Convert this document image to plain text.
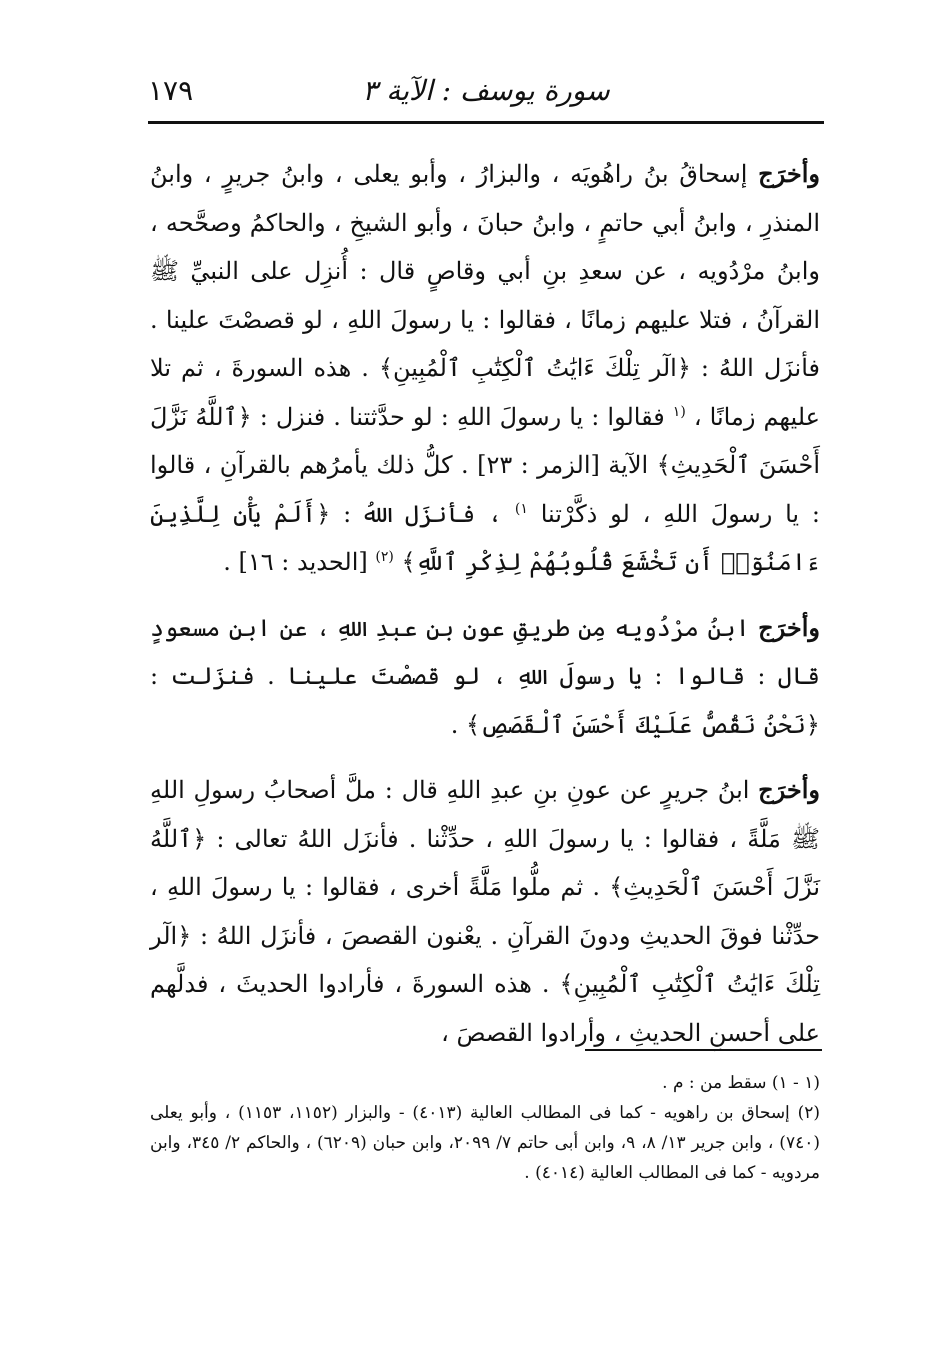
١٧٩	سورة يوسف : الآية ٣

وأخرَج إسحاقُ بنُ راهُويَه ، والبزارُ ، وأبو يعلى ، وابنُ جريرٍ ، وابنُ المنذرِ ، وابنُ أبي حاتمٍ ، وابنُ حبانَ ، وأبو الشيخِ ، والحاكمُ وصحَّحه ، وابنُ مرْدُويه ، عن سعدِ بنِ أبي وقاصٍ قال : أُنزِل على النبيِّ ﷺ القرآنُ ، فتلا عليهم زمانًا ، فقالوا : يا رسولَ اللهِ ، لو قصصْتَ علينا . فأنزَل اللهُ : ﴿الٓر تِلْكَ ءَايَٰتُ ٱلْكِتَٰبِ ٱلْمُبِينِ﴾ . هذه السورةَ ، ثم تلا عليهم زمانًا ، $^{(١}$ فقالوا : يا رسولَ اللهِ : لو حدَّثتنا . فنزل : ﴿ٱللَّهُ نَزَّلَ أَحْسَنَ ٱلْحَدِيثِ﴾ الآية [الزمر : ٢٣] . كلُّ ذلك يأمرُهم بالقرآنِ ، قالوا : يا رسولَ اللهِ ، لو ذكَّرْتنا $^{١)}$ ، فأنزَل اللهُ : ﴿أَلَمْ يَأْنِ لِلَّذِينَ ءَامَنُوٓا۟ أَن تَخْشَعَ قُلُوبُهُمْ لِذِكْرِ ٱللَّهِ﴾ $^{(٢)}$ [الحديد : ١٦] .

وأخرَج ابنُ مرْدُويه مِن طريقِ عونِ بنِ عبدِ اللهِ ، عن ابنِ مسعودٍ قال : قالوا : يا رسولَ اللهِ ، لو قصصْتَ علينا . فنزَلت : ﴿نَحْنُ نَقُصُّ عَلَيْكَ أَحْسَنَ ٱلْقَصَصِ﴾ .

وأخرَج ابنُ جريرٍ عن عونِ بنِ عبدِ اللهِ قال : ملَّ أصحابُ رسولِ اللهِ ﷺ مَلَّةً ، فقالوا : يا رسولَ اللهِ ، حدِّثْنا . فأنزَل اللهُ تعالى : ﴿ٱللَّهُ نَزَّلَ أَحْسَنَ ٱلْحَدِيثِ﴾ . ثم ملُّوا مَلَّةً أخرى ، فقالوا : يا رسولَ اللهِ ، حدِّثْنا فوقَ الحديثِ ودونَ القرآنِ . يعْنون القصصَ ، فأنزَل اللهُ : ﴿الٓر تِلْكَ ءَايَٰتُ ٱلْكِتَٰبِ ٱلْمُبِينِ﴾ . هذه السورةَ ، فأرادوا الحديثَ ، فدلَّهم على أحسنِ الحديثِ ، وأرادوا القصصَ ،

(١ - ١) سقط من : م .

(٢) إسحاق بن راهويه - كما فى المطالب العالية (٤٠١٣) - والبزار (١١٥٢، ١١٥٣) ، وأبو يعلى (٧٤٠) ، وابن جرير ١٣/ ٨، ٩، وابن أبى حاتم ٧/ ٢٠٩٩، وابن حبان (٦٢٠٩) ، والحاكم ٢/ ٣٤٥، وابن مردويه - كما فى المطالب العالية (٤٠١٤) .
